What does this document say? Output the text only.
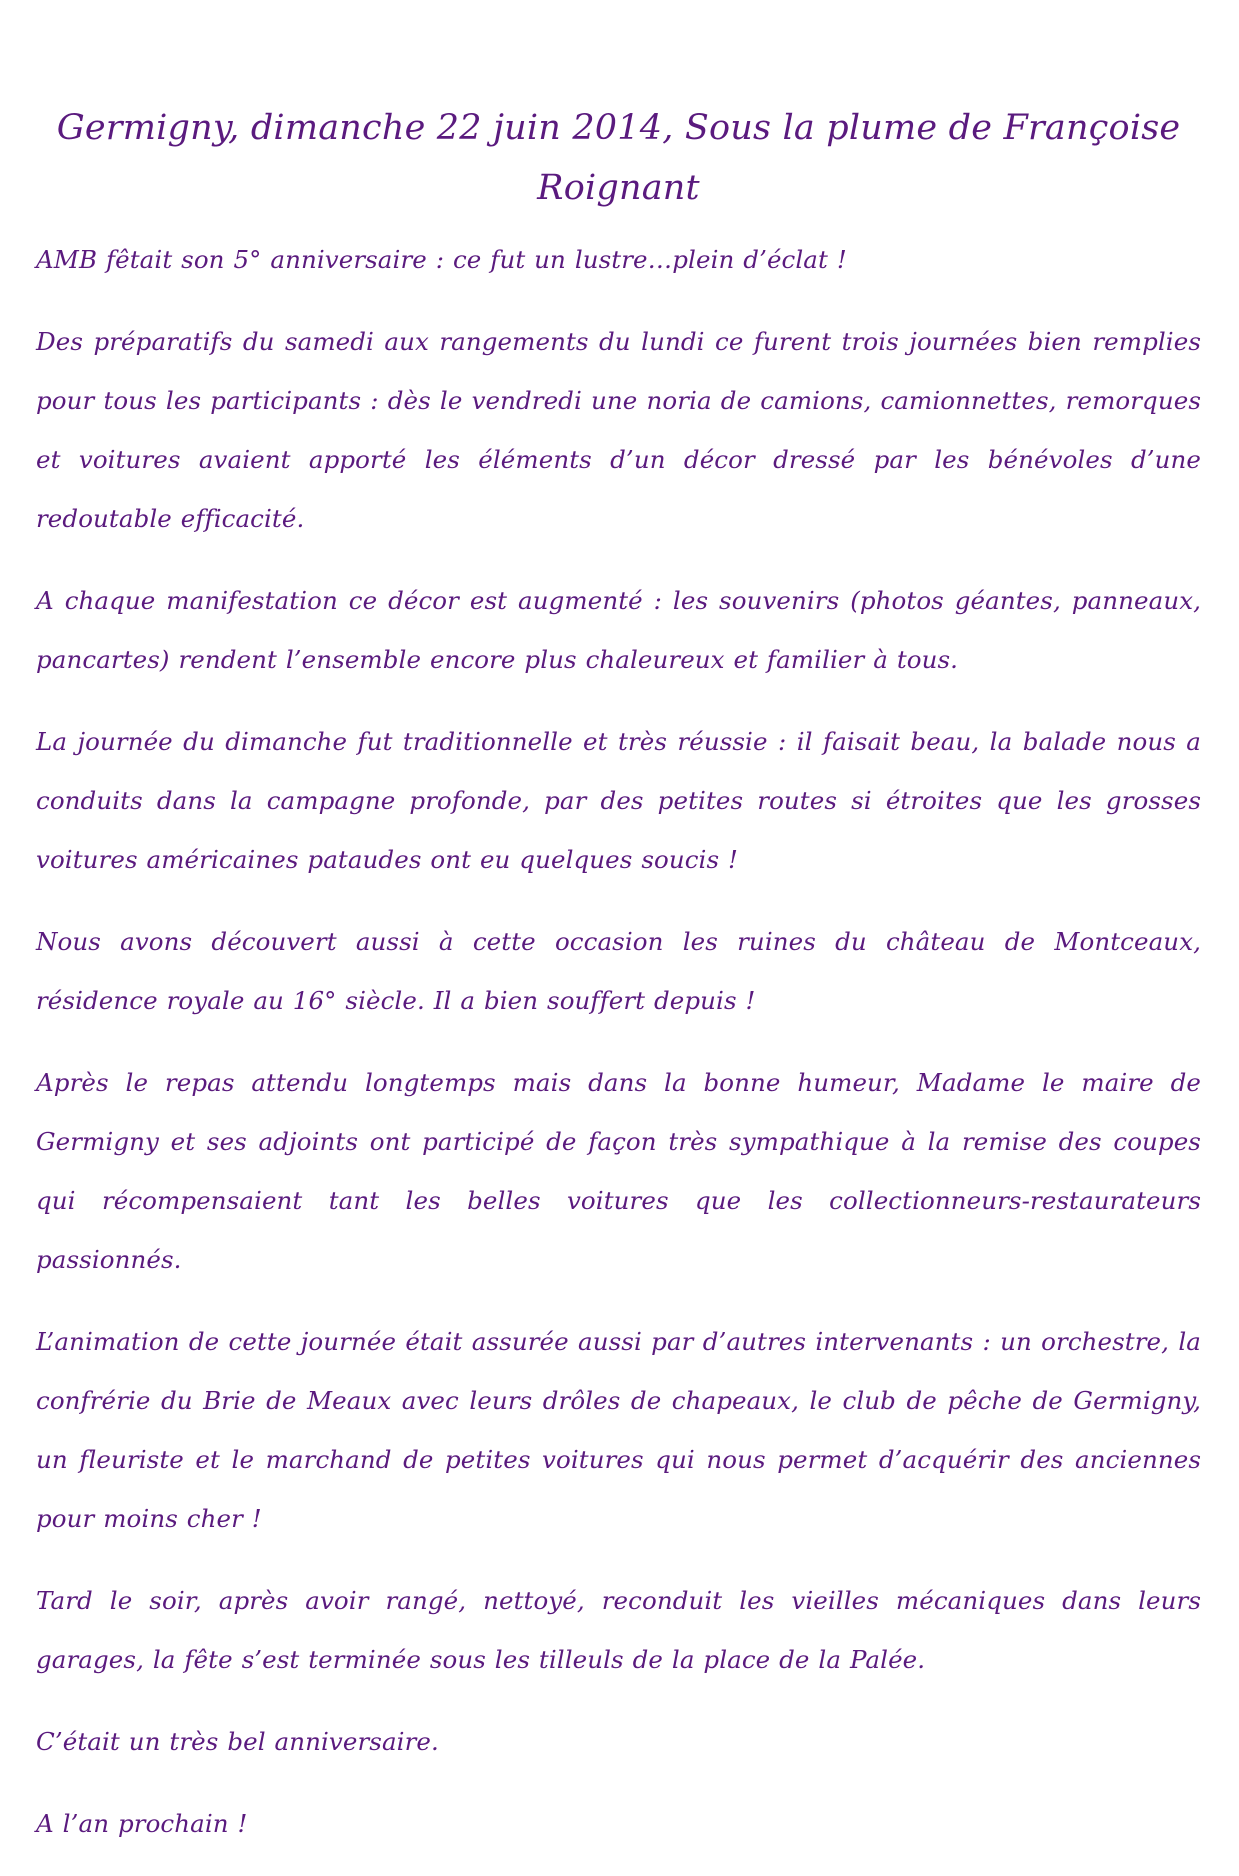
Germigny, dimanche 22 juin 2014, Sous la plume de Françoise Roignant

AMB fêtait son 5° anniversaire : ce fut un lustre…plein d’éclat !

Des préparatifs du samedi aux rangements du lundi ce furent trois journées bien remplies pour tous les participants : dès le vendredi une noria de camions, camionnettes, remorques et voitures avaient apporté les éléments d’un décor dressé par les bénévoles d’une redoutable efficacité.

A chaque manifestation ce décor est augmenté : les souvenirs (photos géantes, panneaux, pancartes) rendent l’ensemble encore plus chaleureux et familier à tous.

La journée du dimanche fut traditionnelle et très réussie : il faisait beau, la balade nous a conduits dans la campagne profonde, par des petites routes si étroites que les grosses voitures américaines pataudes ont eu quelques soucis !

Nous avons découvert aussi à cette occasion les ruines du château de Montceaux, résidence royale au 16° siècle. Il a bien souffert depuis !

Après le repas attendu longtemps mais dans la bonne humeur, Madame le maire de Germigny et ses adjoints ont participé de façon très sympathique à la remise des coupes qui récompensaient tant les belles voitures que les collectionneurs-restaurateurs passionnés.

L’animation de cette journée était assurée aussi par d’autres intervenants : un orchestre, la confrérie du Brie de Meaux avec leurs drôles de chapeaux, le club de pêche de Germigny, un fleuriste et le marchand de petites voitures qui nous permet d’acquérir des anciennes pour moins cher !

Tard le soir, après avoir rangé, nettoyé, reconduit les vieilles mécaniques dans leurs garages, la fête s’est terminée sous les tilleuls de la place de la Palée.

C’était un très bel anniversaire.

A l’an prochain !
